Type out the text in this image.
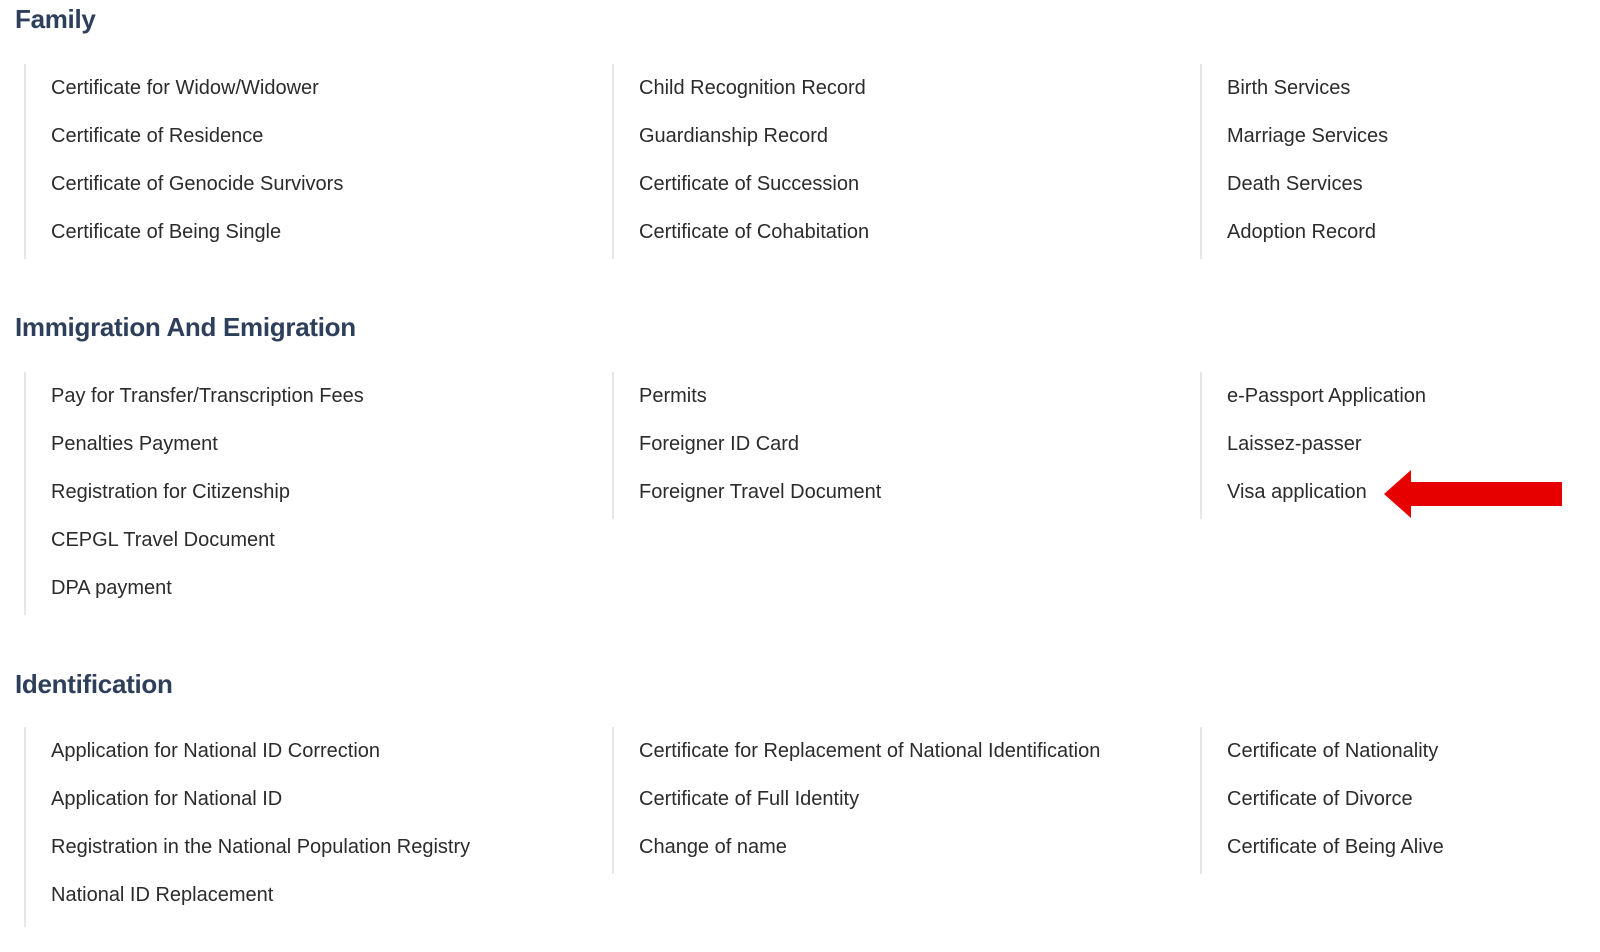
Family
Certificate for Widow/Widower
Certificate of Residence
Certificate of Genocide Survivors
Certificate of Being Single
Child Recognition Record
Guardianship Record
Certificate of Succession
Certificate of Cohabitation
Birth Services
Marriage Services
Death Services
Adoption Record
Immigration And Emigration
Pay for Transfer/Transcription Fees
Penalties Payment
Registration for Citizenship
CEPGL Travel Document
DPA payment
Permits
Foreigner ID Card
Foreigner Travel Document
e-Passport Application
Laissez-passer
Visa application
Identification
Application for National ID Correction
Application for National ID
Registration in the National Population Registry
National ID Replacement
Certificate for Replacement of National Identification
Certificate of Full Identity
Change of name
Certificate of Nationality
Certificate of Divorce
Certificate of Being Alive
